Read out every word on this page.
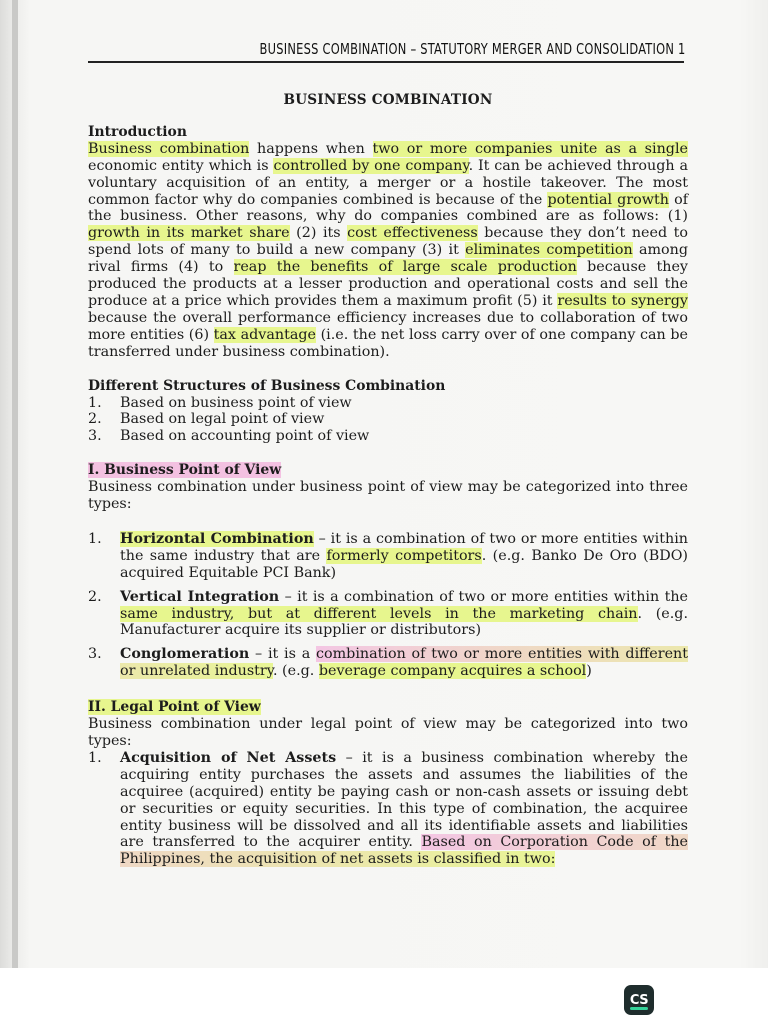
BUSINESS COMBINATION – STATUTORY MERGER AND CONSOLIDATION 1
BUSINESS COMBINATION
Introduction

Business combination happens when two or more companies unite as a single economic entity which is controlled by one company. It can be achieved through a voluntary acquisition of an entity, a merger or a hostile takeover. The most common factor why do companies combined is because of the potential growth of the business. Other reasons, why do companies combined are as follows: (1) growth in its market share (2) its cost effectiveness because they don’t need to spend lots of many to build a new company (3) it eliminates competition among rival firms (4) to reap the benefits of large scale production because they produced the products at a lesser production and operational costs and sell the produce at a price which provides them a maximum profit (5) it results to synergy because the overall performance efficiency increases due to collaboration of two more entities (6) tax advantage (i.e. the net loss carry over of one company can be transferred under business combination).

Different Structures of Business Combination
1.	Based on business point of view
2.	Based on legal point of view
3.	Based on accounting point of view
I. Business Point of View

Business combination under business point of view may be categorized into three types:

1.	Horizontal Combination – it is a combination of two or more entities within the same industry that are formerly competitors. (e.g. Banko De Oro (BDO) acquired Equitable PCI Bank)
2.	Vertical Integration – it is a combination of two or more entities within the same industry, but at different levels in the marketing chain. (e.g. Manufacturer acquire its supplier or distributors)
3.	Conglomeration – it is a combination of two or more entities with different or unrelated industry. (e.g. beverage company acquires a school)
II. Legal Point of View

Business combination under legal point of view may be categorized into two types:

1.	Acquisition of Net Assets – it is a business combination whereby the acquiring entity purchases the assets and assumes the liabilities of the acquiree (acquired) entity be paying cash or non-cash assets or issuing debt or securities or equity securities. In this type of combination, the acquiree entity business will be dissolved and all its identifiable assets and liabilities are transferred to the acquirer entity. Based on Corporation Code of the Philippines, the acquisition of net assets is classified in two:
CS
